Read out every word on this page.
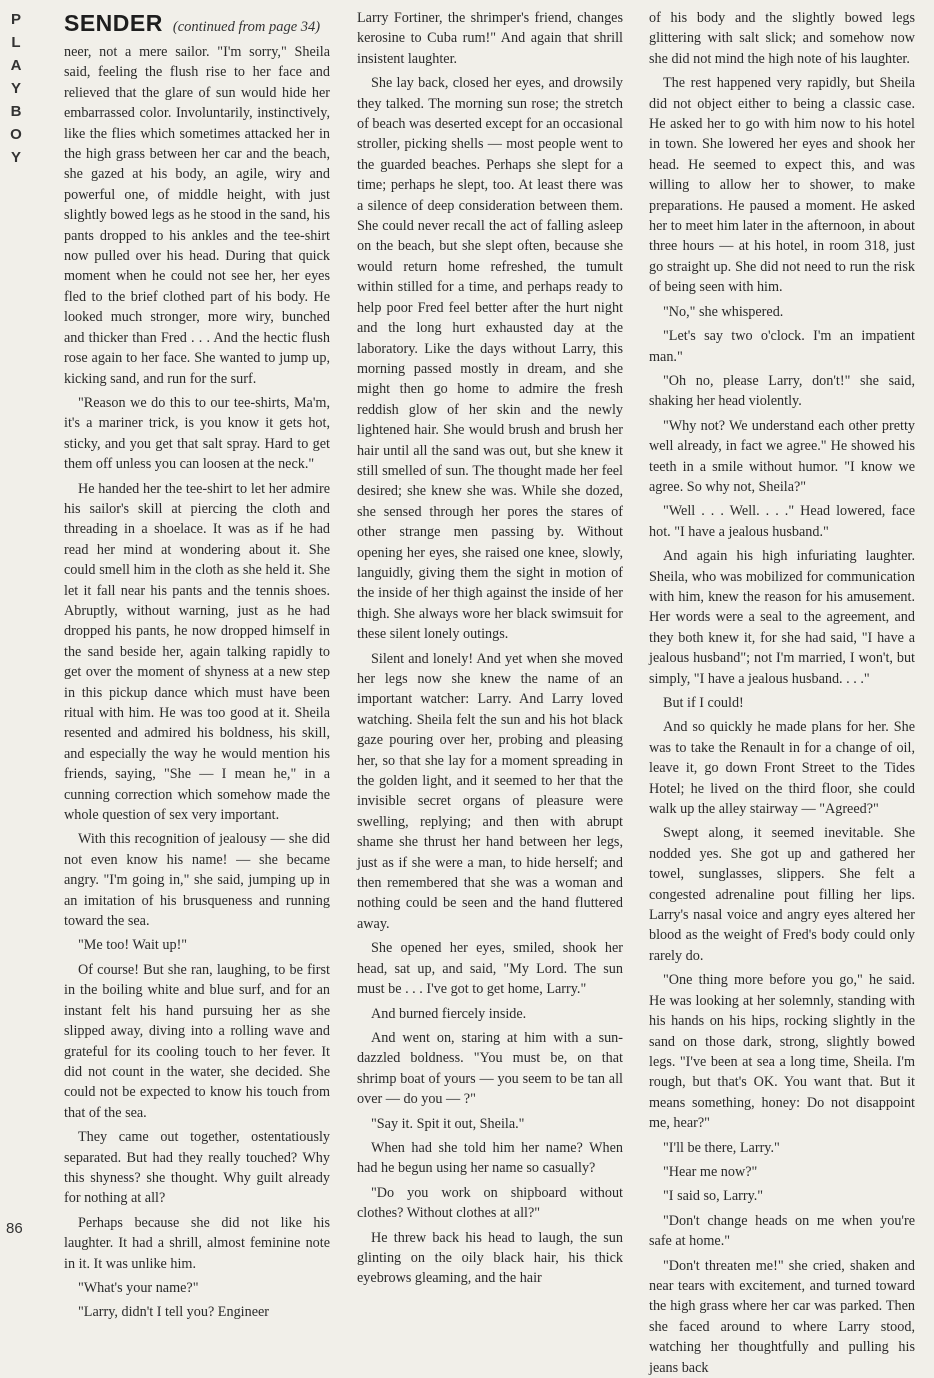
P
L
A
Y
B
O
Y
SENDER (continued from page 34)

neer, not a mere sailor. "I'm sorry," Sheila said, feeling the flush rise to her face and relieved that the glare of sun would hide her embarrassed color. Involuntarily, instinctively, like the flies which sometimes attacked her in the high grass between her car and the beach, she gazed at his body, an agile, wiry and powerful one, of middle height, with just slightly bowed legs as he stood in the sand, his pants dropped to his ankles and the tee-shirt now pulled over his head. During that quick moment when he could not see her, her eyes fled to the brief clothed part of his body. He looked much stronger, more wiry, bunched and thicker than Fred . . . And the hectic flush rose again to her face. She wanted to jump up, kicking sand, and run for the surf.

"Reason we do this to our tee-shirts, Ma'm, it's a mariner trick, is you know it gets hot, sticky, and you get that salt spray. Hard to get them off unless you can loosen at the neck."

He handed her the tee-shirt to let her admire his sailor's skill at piercing the cloth and threading in a shoelace. It was as if he had read her mind at wondering about it. She could smell him in the cloth as she held it. She let it fall near his pants and the tennis shoes. Abruptly, without warning, just as he had dropped his pants, he now dropped himself in the sand beside her, again talking rapidly to get over the moment of shyness at a new step in this pickup dance which must have been ritual with him. He was too good at it. Sheila resented and admired his boldness, his skill, and especially the way he would mention his friends, saying, "She — I mean he," in a cunning correction which somehow made the whole question of sex very important.

With this recognition of jealousy — she did not even know his name! — she became angry. "I'm going in," she said, jumping up in an imitation of his brusqueness and running toward the sea.

"Me too! Wait up!"

Of course! But she ran, laughing, to be first in the boiling white and blue surf, and for an instant felt his hand pursuing her as she slipped away, diving into a rolling wave and grateful for its cooling touch to her fever. It did not count in the water, she decided. She could not be expected to know his touch from that of the sea.

They came out together, ostentatiously separated. But had they really touched? Why this shyness? she thought. Why guilt already for nothing at all?

Perhaps because she did not like his laughter. It had a shrill, almost feminine note in it. It was unlike him.

"What's your name?"

"Larry, didn't I tell you? Engineer

Larry Fortiner, the shrimper's friend, changes kerosine to Cuba rum!" And again that shrill insistent laughter.

She lay back, closed her eyes, and drowsily they talked. The morning sun rose; the stretch of beach was deserted except for an occasional stroller, picking shells — most people went to the guarded beaches. Perhaps she slept for a time; perhaps he slept, too. At least there was a silence of deep consideration between them. She could never recall the act of falling asleep on the beach, but she slept often, because she would return home refreshed, the tumult within stilled for a time, and perhaps ready to help poor Fred feel better after the hurt night and the long hurt exhausted day at the laboratory. Like the days without Larry, this morning passed mostly in dream, and she might then go home to admire the fresh reddish glow of her skin and the newly lightened hair. She would brush and brush her hair until all the sand was out, but she knew it still smelled of sun. The thought made her feel desired; she knew she was. While she dozed, she sensed through her pores the stares of other strange men passing by. Without opening her eyes, she raised one knee, slowly, languidly, giving them the sight in motion of the inside of her thigh against the inside of her thigh. She always wore her black swimsuit for these silent lonely outings.

Silent and lonely! And yet when she moved her legs now she knew the name of an important watcher: Larry. And Larry loved watching. Sheila felt the sun and his hot black gaze pouring over her, probing and pleasing her, so that she lay for a moment spreading in the golden light, and it seemed to her that the invisible secret organs of pleasure were swelling, replying; and then with abrupt shame she thrust her hand between her legs, just as if she were a man, to hide herself; and then remembered that she was a woman and nothing could be seen and the hand fluttered away.

She opened her eyes, smiled, shook her head, sat up, and said, "My Lord. The sun must be . . . I've got to get home, Larry."

And burned fiercely inside.

And went on, staring at him with a sun-dazzled boldness. "You must be, on that shrimp boat of yours — you seem to be tan all over — do you — ?"

"Say it. Spit it out, Sheila."

When had she told him her name? When had he begun using her name so casually?

"Do you work on shipboard without clothes? Without clothes at all?"

He threw back his head to laugh, the sun glinting on the oily black hair, his thick eyebrows gleaming, and the hair

of his body and the slightly bowed legs glittering with salt slick; and somehow now she did not mind the high note of his laughter.

The rest happened very rapidly, but Sheila did not object either to being a classic case. He asked her to go with him now to his hotel in town. She lowered her eyes and shook her head. He seemed to expect this, and was willing to allow her to shower, to make preparations. He paused a moment. He asked her to meet him later in the afternoon, in about three hours — at his hotel, in room 318, just go straight up. She did not need to run the risk of being seen with him.

"No," she whispered.

"Let's say two o'clock. I'm an impatient man."

"Oh no, please Larry, don't!" she said, shaking her head violently.

"Why not? We understand each other pretty well already, in fact we agree." He showed his teeth in a smile without humor. "I know we agree. So why not, Sheila?"

"Well . . . Well. . . ." Head lowered, face hot. "I have a jealous husband."

And again his high infuriating laughter. Sheila, who was mobilized for communication with him, knew the reason for his amusement. Her words were a seal to the agreement, and they both knew it, for she had said, "I have a jealous husband"; not I'm married, I won't, but simply, "I have a jealous husband. . . ."

But if I could!

And so quickly he made plans for her. She was to take the Renault in for a change of oil, leave it, go down Front Street to the Tides Hotel; he lived on the third floor, she could walk up the alley stairway — "Agreed?"

Swept along, it seemed inevitable. She nodded yes. She got up and gathered her towel, sunglasses, slippers. She felt a congested adrenaline pout filling her lips. Larry's nasal voice and angry eyes altered her blood as the weight of Fred's body could only rarely do.

"One thing more before you go," he said. He was looking at her solemnly, standing with his hands on his hips, rocking slightly in the sand on those dark, strong, slightly bowed legs. "I've been at sea a long time, Sheila. I'm rough, but that's OK. You want that. But it means something, honey: Do not disappoint me, hear?"

"I'll be there, Larry."

"Hear me now?"

"I said so, Larry."

"Don't change heads on me when you're safe at home."

"Don't threaten me!" she cried, shaken and near tears with excitement, and turned toward the high grass where her car was parked. Then she faced around to where Larry stood, watching her thoughtfully and pulling his jeans back

86
